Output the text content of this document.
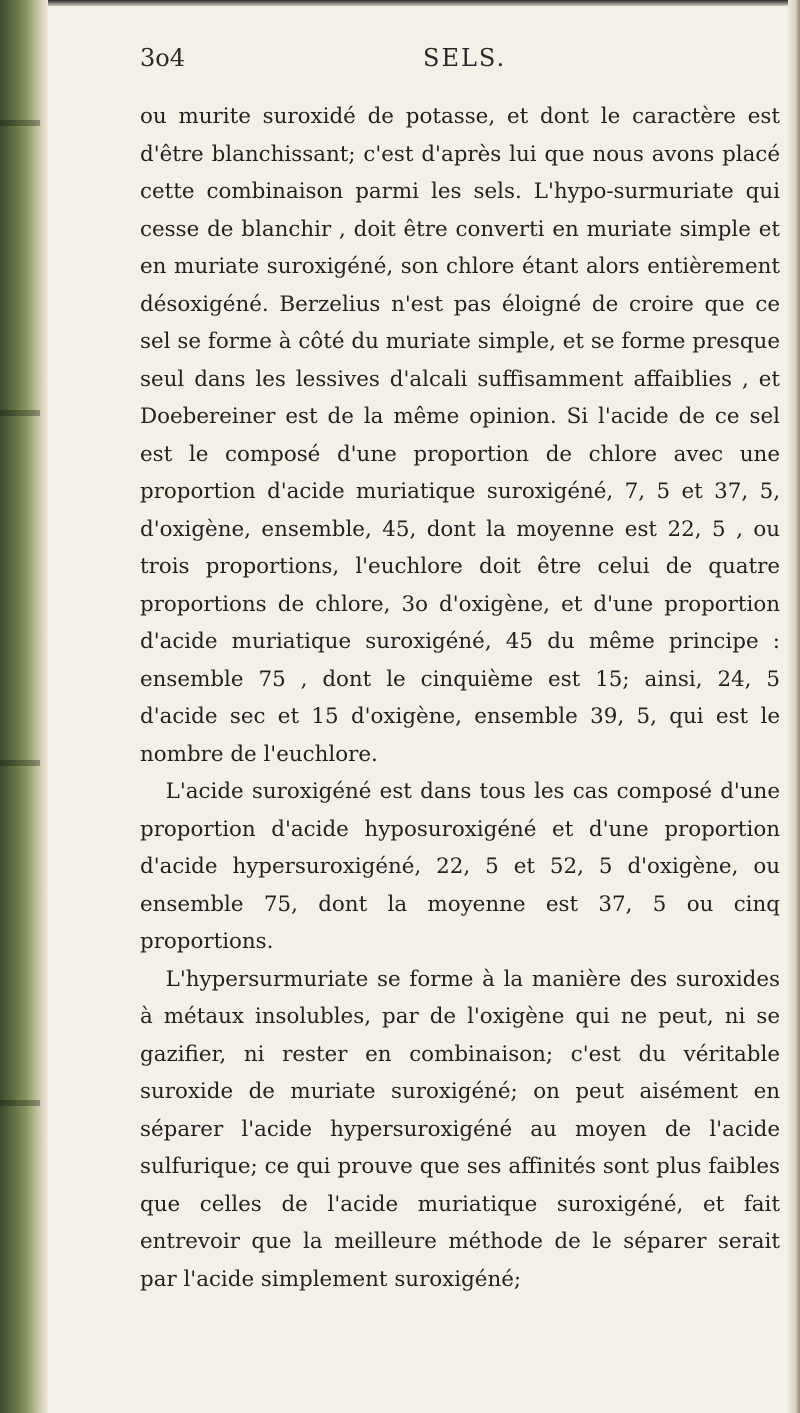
3o4	SELS.

ou murite suroxidé de potasse, et dont le caractère est d'être blanchissant; c'est d'après lui que nous avons placé cette combinaison parmi les sels. L'hypo-surmuriate qui cesse de blanchir , doit être converti en muriate simple et en muriate suroxigéné, son chlore étant alors entièrement désoxigéné. Berzelius n'est pas éloigné de croire que ce sel se forme à côté du muriate simple, et se forme presque seul dans les lessives d'alcali suffisamment affaiblies , et Doebereiner est de la même opinion. Si l'acide de ce sel est le composé d'une proportion de chlore avec une proportion d'acide muriatique suroxigéné, 7, 5 et 37, 5, d'oxigène, ensemble, 45, dont la moyenne est 22, 5 , ou trois proportions, l'euchlore doit être celui de quatre proportions de chlore, 3o d'oxigène, et d'une proportion d'acide muriatique suroxigéné, 45 du même principe : ensemble 75 , dont le cinquième est 15; ainsi, 24, 5 d'acide sec et 15 d'oxigène, ensemble 39, 5, qui est le nombre de l'euchlore.

L'acide suroxigéné est dans tous les cas composé d'une proportion d'acide hyposuroxigéné et d'une proportion d'acide hypersuroxigéné, 22, 5 et 52, 5 d'oxigène, ou ensemble 75, dont la moyenne est 37, 5 ou cinq proportions.

L'hypersurmuriate se forme à la manière des suroxides à métaux insolubles, par de l'oxigène qui ne peut, ni se gazifier, ni rester en combinaison; c'est du véritable suroxide de muriate suroxigéné; on peut aisément en séparer l'acide hypersuroxigéné au moyen de l'acide sulfurique; ce qui prouve que ses affinités sont plus faibles que celles de l'acide muriatique suroxigéné, et fait entrevoir que la meilleure méthode de le séparer serait par l'acide simplement suroxigéné;
